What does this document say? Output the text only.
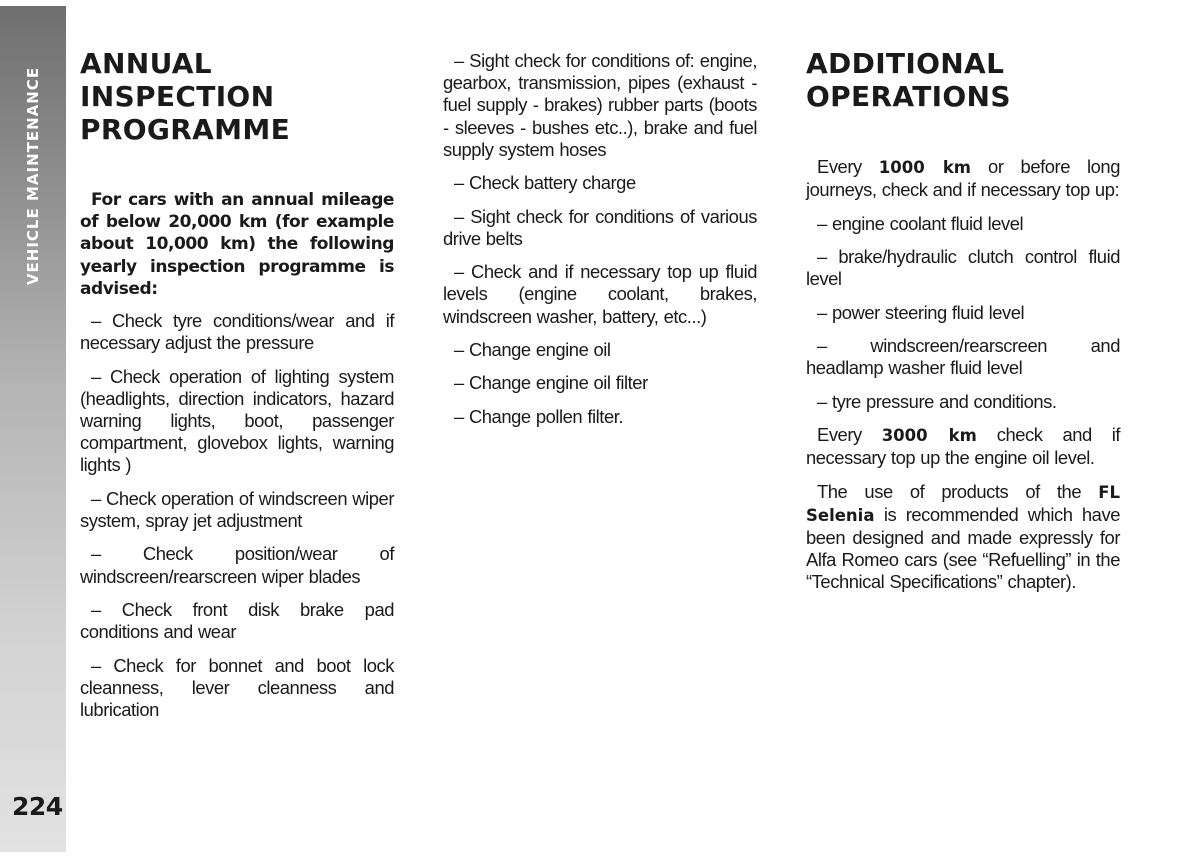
VEHICLE MAINTENANCE
224
ANNUAL INSPECTION
PROGRAMME

For cars with an annual mileage of below 20,000 km (for example about 10,000 km) the following yearly inspection programme is advised:

– Check tyre conditions/wear and if necessary adjust the pressure

– Check operation of lighting system (headlights, direction indicators, hazard warning lights, boot, passenger compartment, glovebox lights, warning lights )

– Check operation of windscreen wiper system, spray jet adjustment

– Check position/wear of windscreen/rearscreen wiper blades

– Check front disk brake pad conditions and wear

– Check for bonnet and boot lock cleanness, lever cleanness and lubrication

– Sight check for conditions of: engine, gearbox, transmission, pipes (exhaust - fuel supply - brakes) rubber parts (boots - sleeves - bushes etc..), brake and fuel supply system hoses

– Check battery charge

– Sight check for conditions of various drive belts

– Check and if necessary top up fluid levels (engine coolant, brakes, windscreen washer, battery, etc...)

– Change engine oil

– Change engine oil filter

– Change pollen filter.

ADDITIONAL
OPERATIONS

Every 1000 km or before long journeys, check and if necessary top up:

– engine coolant fluid level

– brake/hydraulic clutch control fluid level

– power steering fluid level

– windscreen/rearscreen and headlamp washer fluid level

– tyre pressure and conditions.

Every 3000 km check and if necessary top up the engine oil level.

The use of products of the FL Selenia is recommended which have been designed and made expressly for Alfa Romeo cars (see “Refuelling” in the “Technical Specifications” chapter).
